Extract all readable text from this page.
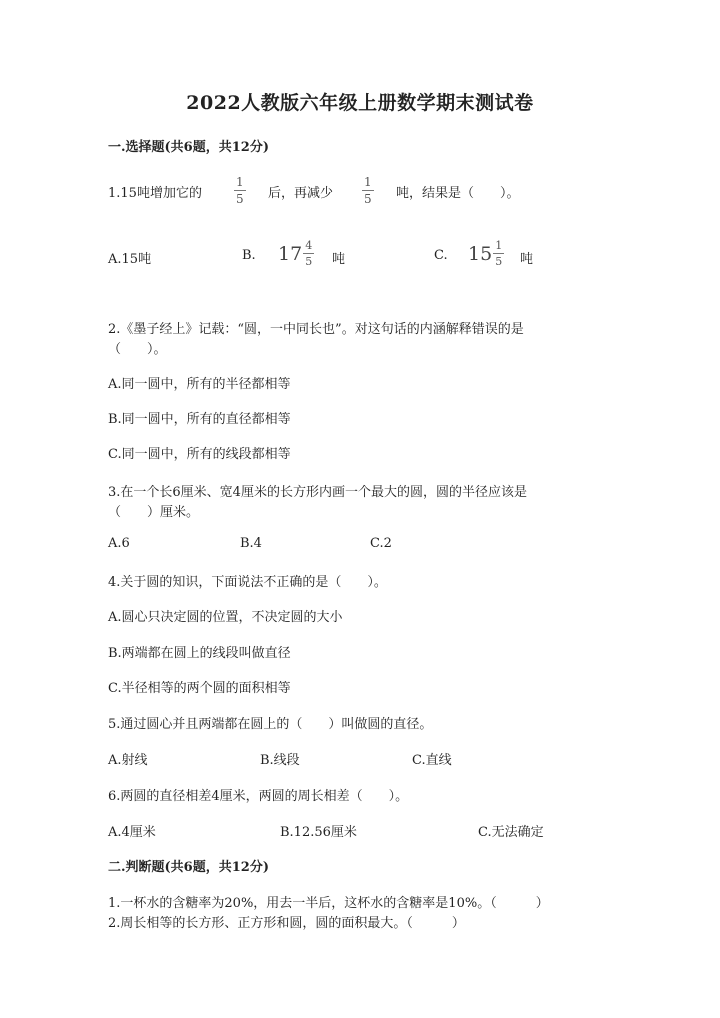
2022人教版六年级上册数学期末测试卷
一.选择题(共6题，共12分)
1.15吨增加它的	$\frac{1}{5}$ 后，再减少 $\frac{1}{5}$ 吨，结果是（　　）。
A.15吨	B. $17 \frac{4}{5}$ 吨	C. $15 \frac{1}{5}$ 吨
2.《墨子经上》记载：“圆，一中同长也”。对这句话的内涵解释错误的是
（　　）。
A.同一圆中，所有的半径都相等
B.同一圆中，所有的直径都相等
C.同一圆中，所有的线段都相等
3.在一个长6厘米、宽4厘米的长方形内画一个最大的圆，圆的半径应该是
（　　）厘米。
A.6	B.4	C.2
4.关于圆的知识，下面说法不正确的是（　　）。
A.圆心只决定圆的位置，不决定圆的大小
B.两端都在圆上的线段叫做直径
C.半径相等的两个圆的面积相等
5.通过圆心并且两端都在圆上的（　　）叫做圆的直径。
A.射线	B.线段	C.直线
6.两圆的直径相差4厘米，两圆的周长相差（　　）。
A.4厘米	B.12.56厘米	C.无法确定
二.判断题(共6题，共12分)
1.一杯水的含糖率为20%，用去一半后，这杯水的含糖率是10%。（　　　）
2.周长相等的长方形、正方形和圆，圆的面积最大。（　　　）
